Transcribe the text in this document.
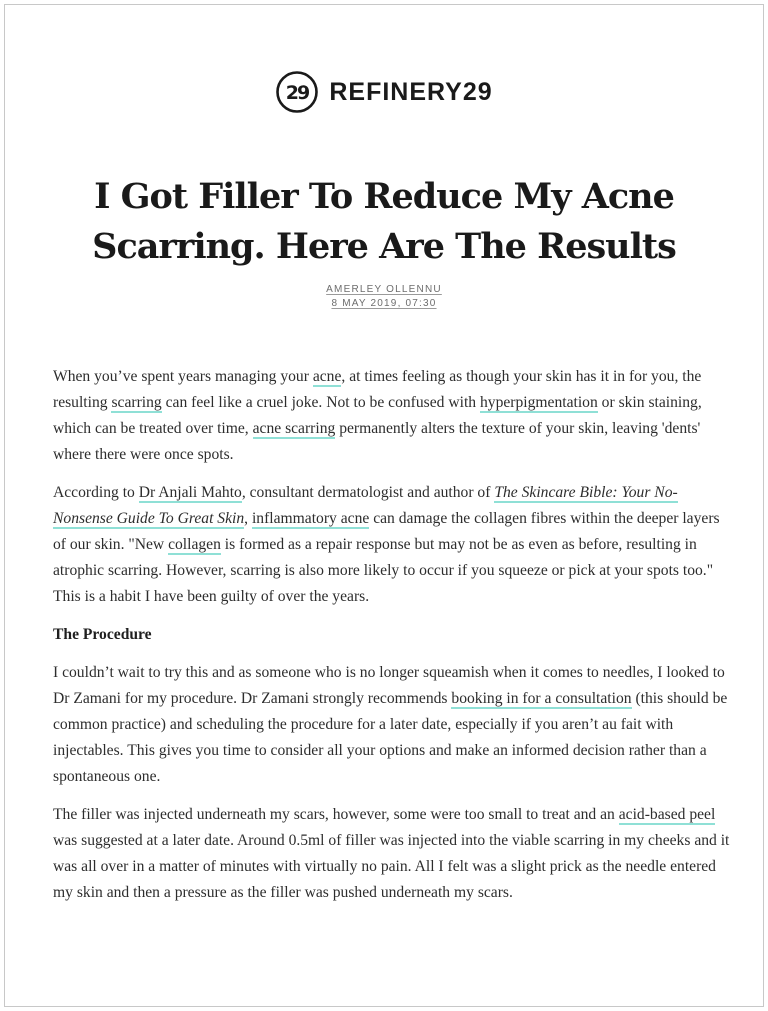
29 REFINERY29
I Got Filler To Reduce My Acne Scarring. Here Are The Results
AMERLEY OLLENNU
8 MAY 2019, 07:30

When you’ve spent years managing your acne, at times feeling as though your skin has it in for you, the resulting scarring can feel like a cruel joke. Not to be confused with hyperpigmentation or skin staining, which can be treated over time, acne scarring permanently alters the texture of your skin, leaving 'dents' where there were once spots.

According to Dr Anjali Mahto, consultant dermatologist and author of The Skincare Bible: Your No-Nonsense Guide To Great Skin, inflammatory acne can damage the collagen fibres within the deeper layers of our skin. "New collagen is formed as a repair response but may not be as even as before, resulting in atrophic scarring. However, scarring is also more likely to occur if you squeeze or pick at your spots too." This is a habit I have been guilty of over the years.

The Procedure

I couldn’t wait to try this and as someone who is no longer squeamish when it comes to needles, I looked to Dr Zamani for my procedure. Dr Zamani strongly recommends booking in for a consultation (this should be common practice) and scheduling the procedure for a later date, especially if you aren’t au fait with injectables. This gives you time to consider all your options and make an informed decision rather than a spontaneous one.

The filler was injected underneath my scars, however, some were too small to treat and an acid-based peel was suggested at a later date. Around 0.5ml of filler was injected into the viable scarring in my cheeks and it was all over in a matter of minutes with virtually no pain. All I felt was a slight prick as the needle entered my skin and then a pressure as the filler was pushed underneath my scars.
